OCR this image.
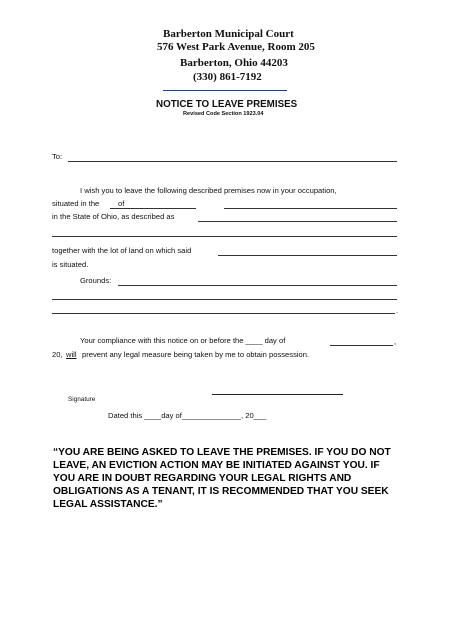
Barberton Municipal Court
576 West Park Avenue, Room 205
Barberton, Ohio 44203
(330) 861-7192
NOTICE TO LEAVE PREMISES
Revised Code Section 1923.04
To:
I wish you to leave the following described premises now in your occupation,
situated in the of
in the State of Ohio, as described as
together with the lot of land on which said
is situated.
Grounds:
.
Your compliance with this notice on or before the ____ day of	,
20, will prevent any legal measure being taken by me to obtain possession.
Signature
Dated this ____day of______________, 20___
“YOU ARE BEING ASKED TO LEAVE THE PREMISES. IF YOU DO NOT LEAVE, AN EVICTION ACTION MAY BE INITIATED AGAINST YOU. IF YOU ARE IN DOUBT REGARDING YOUR LEGAL RIGHTS AND OBLIGATIONS AS A TENANT, IT IS RECOMMENDED THAT YOU SEEK LEGAL ASSISTANCE.”
